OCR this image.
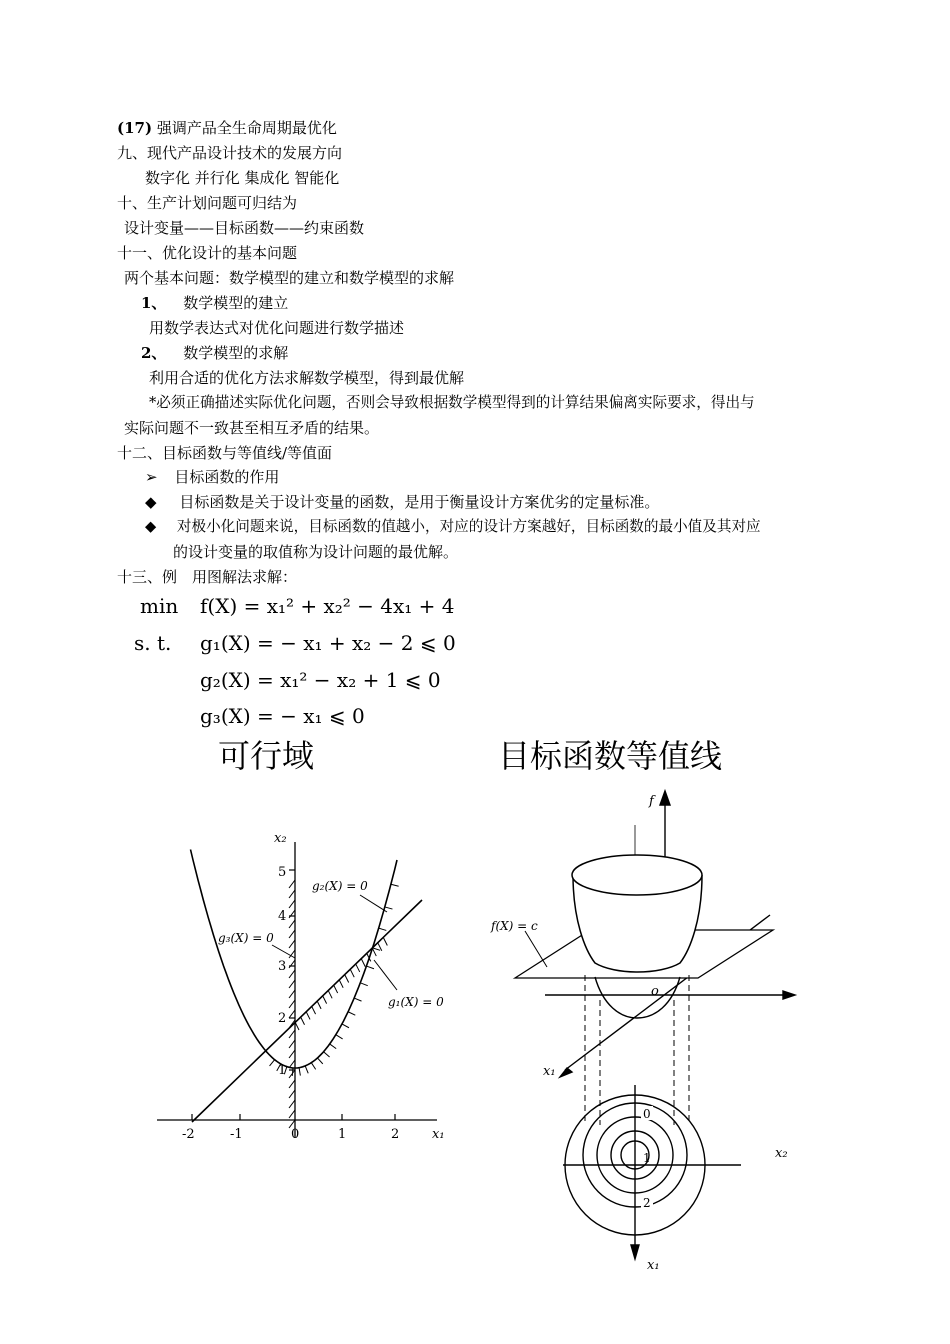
(17) 强调产品全生命周期最优化
九、现代产品设计技术的发展方向
数字化 并行化 集成化 智能化
十、生产计划问题可归结为
设计变量——目标函数——约束函数
十一、优化设计的基本问题
两个基本问题：数学模型的建立和数学模型的求解
1、 数学模型的建立
用数学表达式对优化问题进行数学描述
2、 数学模型的求解
利用合适的优化方法求解数学模型，得到最优解
*必须正确描述实际优化问题，否则会导致根据数学模型得到的计算结果偏离实际要求，得出与
实际问题不一致甚至相互矛盾的结果。
十二、目标函数与等值线/等值面
➢ 目标函数的作用
◆ 目标函数是关于设计变量的函数，是用于衡量设计方案优劣的定量标准。
◆ 对极小化问题来说，目标函数的值越小，对应的设计方案越好，目标函数的最小值及其对应
的设计变量的取值称为设计问题的最优解。
十三、例　用图解法求解：
min f(X) = x₁² + x₂² − 4x₁ + 4
s. t. g₁(X) = − x₁ + x₂ − 2 ⩽ 0
g₂(X) = x₁² − x₂ + 1 ⩽ 0
g₃(X) = − x₁ ⩽ 0
可行域	目标函数等值线
-2	-1	0	1	2
1
2
3
4
5
x₁
x₂
g₂(X) = 0
g₃(X) = 0
g₁(X) = 0
f
f(X) = c
o
x₁
x₂
x₁
0
1
2
